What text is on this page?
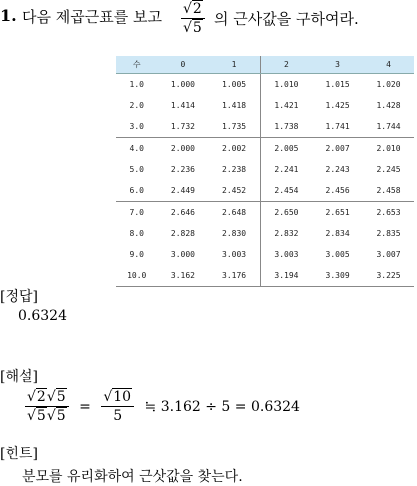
1. 다음 제곱근표를 보고 $\frac{√2}{√5}$ 의 근사값을 구하여라.
수	0	1	2	3	4
1.0	1.000	1.005	1.010	1.015	1.020
2.0	1.414	1.418	1.421	1.425	1.428
3.0	1.732	1.735	1.738	1.741	1.744
4.0	2.000	2.002	2.005	2.007	2.010
5.0	2.236	2.238	2.241	2.243	2.245
6.0	2.449	2.452	2.454	2.456	2.458
7.0	2.646	2.648	2.650	2.651	2.653
8.0	2.828	2.830	2.832	2.834	2.835
9.0	3.000	3.003	3.003	3.005	3.007
10.0	3.162	3.176	3.194	3.309	3.225
[정답]
0.6324
[해설]
$\frac{√2√5}{√5√5} = \frac{√10}{5}$ ≒ 3.162 ÷ 5 = 0.6324
[힌트]
분모를 유리화하여 근삿값을 찾는다.
